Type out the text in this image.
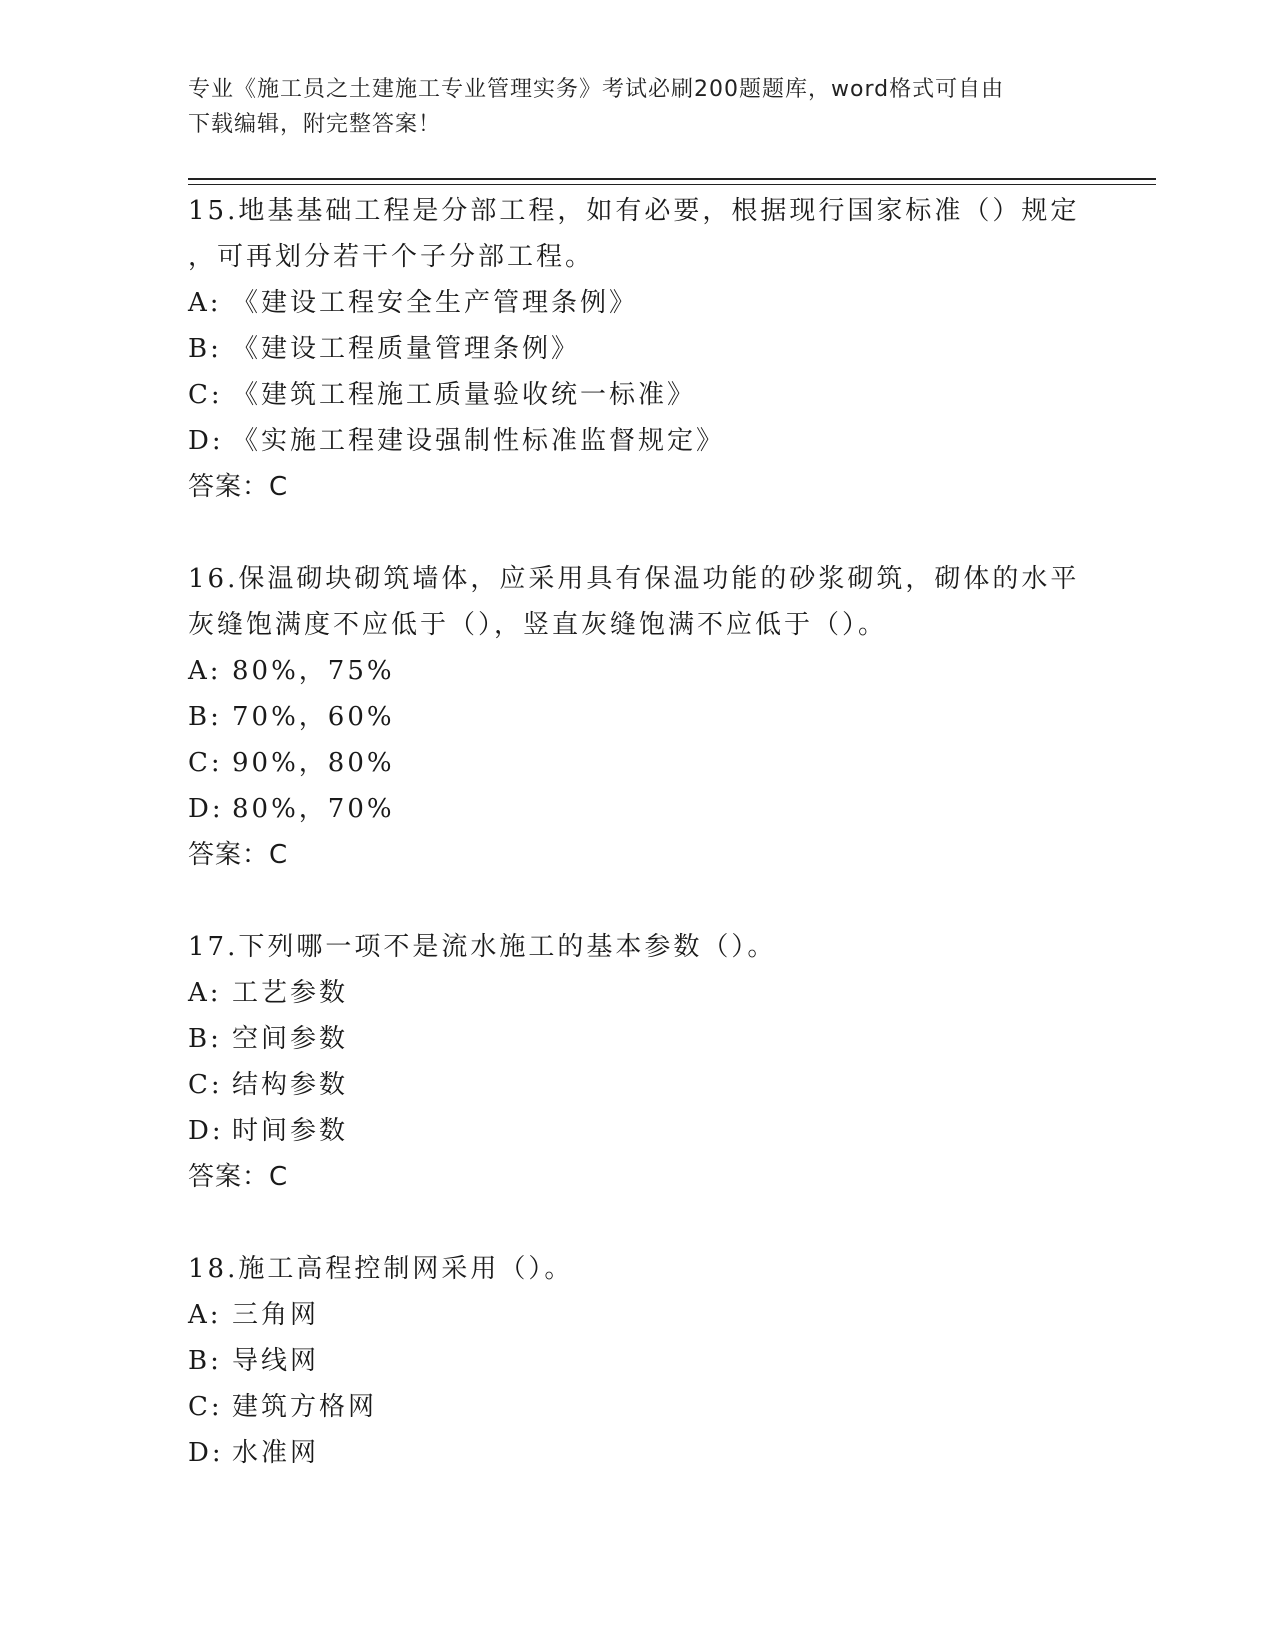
专业《施工员之土建施工专业管理实务》考试必刷200题题库，word格式可自由

下载编辑，附完整答案！

15.地基基础工程是分部工程，如有必要，根据现行国家标准（）规定
，可再划分若干个子分部工程。
A: 《建设工程安全生产管理条例》
B: 《建设工程质量管理条例》
C: 《建筑工程施工质量验收统一标准》
D: 《实施工程建设强制性标准监督规定》
答案：C
16.保温砌块砌筑墙体，应采用具有保温功能的砂浆砌筑，砌体的水平
灰缝饱满度不应低于（），竖直灰缝饱满不应低于（）。
A: 80%，75%
B: 70%，60%
C: 90%，80%
D: 80%，70%
答案：C
17.下列哪一项不是流水施工的基本参数（）。
A: 工艺参数
B: 空间参数
C: 结构参数
D: 时间参数
答案：C
18.施工高程控制网采用（）。
A: 三角网
B: 导线网
C: 建筑方格网
D: 水准网
